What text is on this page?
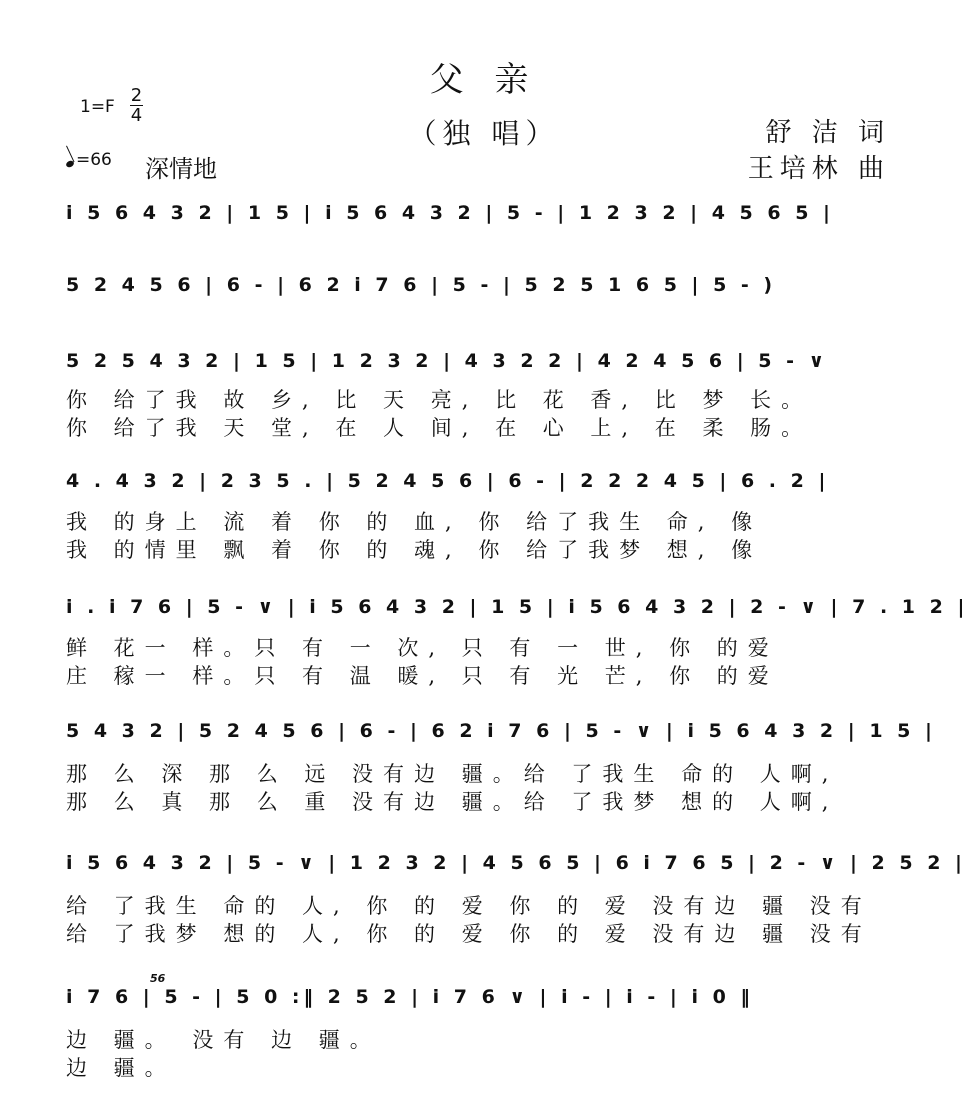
父 亲
（独 唱）	舒 洁 词
王培林 曲
1=F
2
4
=66 深情地
i 5 6 4 3 2 | 1 5 | i 5 6 4 3 2 | 5 - | 1 2 3 2 | 4 5 6 5 |
5 2 4 5 6 | 6 - | 6 2 i 7 6 | 5 - | 5 2 5 1 6 5 | 5 - )
5 2 5 4 3 2 | 1 5 | 1 2 3 2 | 4 3 2 2 | 4 2 4 5 6 | 5 - ∨
你 给了我 故 乡, 比 天 亮, 比 花 香, 比 梦 长。
你 给了我 天 堂, 在 人 间, 在 心 上, 在 柔 肠。
4 . 4 3 2 | 2 3 5 . | 5 2 4 5 6 | 6 - | 2 2 2 4 5 | 6 . 2 |
我 的身上 流 着 你 的 血, 你 给了我生 命, 像
我 的情里 飘 着 你 的 魂, 你 给了我梦 想, 像
i . i 7 6 | 5 - ∨ | i 5 6 4 3 2 | 1 5 | i 5 6 4 3 2 | 2 - ∨ | 7 . 1 2 |
鲜 花一 样。只 有 一 次, 只 有 一 世, 你 的爱
庄 稼一 样。只 有 温 暖, 只 有 光 芒, 你 的爱
5 4 3 2 | 5 2 4 5 6 | 6 - | 6 2 i 7 6 | 5 - ∨ | i 5 6 4 3 2 | 1 5 |
那 么 深 那 么 远 没有边 疆。给 了我生 命的 人啊,
那 么 真 那 么 重 没有边 疆。给 了我梦 想的 人啊,
i 5 6 4 3 2 | 5 - ∨ | 1 2 3 2 | 4 5 6 5 | 6 i 7 6 5 | 2 - ∨ | 2 5 2 |
给 了我生 命的 人, 你 的 爱 你 的 爱 没有边 疆 没有
给 了我梦 想的 人, 你 的 爱 你 的 爱 没有边 疆 没有
56
i 7 6 | 5 - | 5 0 :‖ 2 5 2 | i 7 6 ∨ | i - | i - | i 0 ‖
边 疆。 没有 边 疆。
边 疆。
